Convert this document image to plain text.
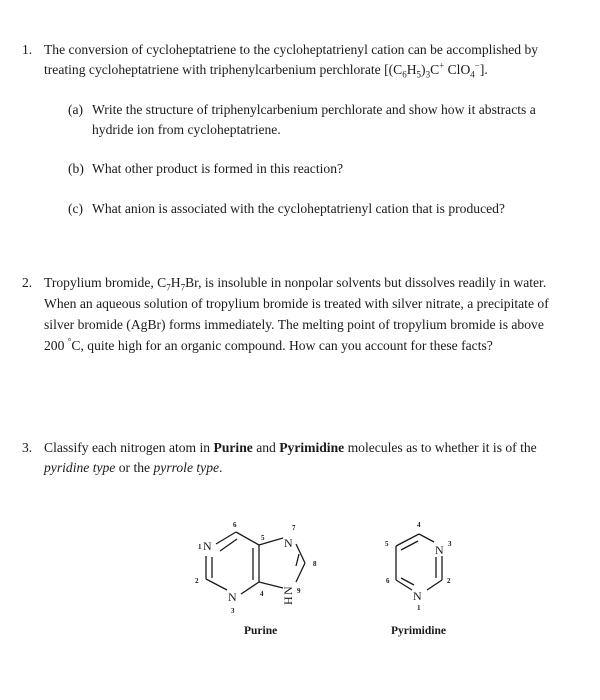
1. The conversion of cycloheptatriene to the cycloheptatrienyl cation can be accomplished by
treating cycloheptatriene with triphenylcarbenium perchlorate [$(C_6H_5)_3C^+$ ClO$_4$−].
(a) Write the structure of triphenylcarbenium perchlorate and show how it abstracts a
hydride ion from cycloheptatriene.
(b) What other product is formed in this reaction?
(c) What anion is associated with the cycloheptatrienyl cation that is produced?
2. Tropylium bromide, $C_7H_7Br$, is insoluble in nonpolar solvents but dissolves readily in water.
When an aqueous solution of tropylium bromide is treated with silver nitrate, a precipitate of
silver bromide (AgBr) forms immediately. The melting point of tropylium bromide is above
200 °C, quite high for an organic compound. How can you account for these facts?
3. Classify each nitrogen atom in Purine and Pyrimidine molecules as to whether it is of the
pyridine type or the pyrrole type.
N
N
N
N
H
1
2
3
4
5
6	7
8
9	N
N
1
2
3
4
5
6
Purine	Pyrimidine
